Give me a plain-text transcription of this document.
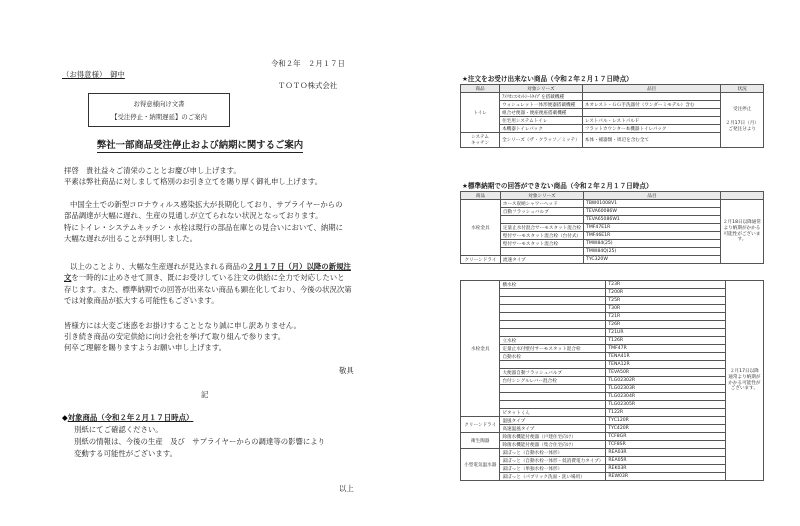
令和２年　２月１７日
（お得意様）　御中
ＴＯＴＯ株式会社
お得意様向け文書
【受注停止・納期遅延】のご案内
弊社一部商品受注停止および納期に関するご案内
拝啓　貴社益々ご清栄のこととお慶び申し上げます。
平素は弊社商品に対しまして格別のお引き立てを賜り厚く御礼申し上げます。
中国全土での新型コロナウィルス感染拡大が長期化しており、サプライヤーからの
部品調達が大幅に遅れ、生産の見通しが立てられない状況となっております。
特にトイレ・システムキッチン・水栓は現行の部品在庫との見合いにおいて、納期に
大幅な遅れが出ることが判明しました。
以上のことより、大幅な生産遅れが見込まれる商品の２月１７日（月）以降の新規注
文を一時的に止めさせて頂き、既にお受けしている注文の供給に全力で対応したいと
存じます。また、標準納期での回答が出来ない商品も顕在化しており、今後の状況次第
では対象商品が拡大する可能性もございます。
皆様方には大変ご迷惑をお掛けすることとなり誠に申し訳ありません。
引き続き商品の安定供給に向け会社を挙げて取り組んで参ります。
何卒ご理解を賜りますようお願い申し上げます。
敬具
記
◆対象商品（令和２年２月１７日時点）
別紙にてご確認ください。
別紙の情報は、今後の生産　及び　サプライヤーからの調達等の影響により
変動する可能性がございます。
以上
★注文をお受け出来ない商品（令和２年２月１７日時点）
商品	対象シリーズ	品目	状況
トイレ	ｱﾒﾘｶﾝｺﾝｾｯﾄｼｰﾄﾀｲﾌﾟを搭載機種		受注停止
２月17日（月）ご発注分より

	ウォシュレット一体形便器搭載機種	ネオレスト・ＧＧ手洗器付（ワンダーミモデル）含む	
	組合せ便器・便座便座搭載機種		
	住宅用システムトイレ	レストパル・レストパルＦ	
	本機器トイレパック	フラットカウンター本機器トイレパック	
システム
キッチン	全シリーズ（ザ・クラッソ／ミッテ）	本体・補器類・周辺を含む全て	
★標準納期での回答ができない商品（令和２年２月１７日時点）
商品	対象シリーズ	品目	
水栓金具	ホース収納シャワーヘッド	TBW01008V1	２月18日以降通常より納期がかかる可能性がございます。
	自動フラッシュバルブ	TEVA60086W	
		TEVA65086W1	
	定量止水付混合サーモスタット混合栓	TMF47E1R	
	壁付サーモスタット混合栓（台付式）	TMF46E1R	
	壁付サーモスタット混合栓	TMW84(25)	
		TMW84Q(25)	
クリーンドライ	流速タイプ	TYC320W	
水栓金具	横水栓	T23R	２月17日以降通常より納期がかかる可能性がございます。
		T200R	
		T25R	
		T30R	
		T21R	
		T26R	
		T21UR	
	立水栓	T126R	
	定量止水付壁付サーモスタット混合栓	TMF47R	
	自動水栓	TENA41R	
		TENA12R	
	大便器自動フラッシュバルブ	TEVA50R	
	台付シングルレバー混合栓	TLG02302R	
		TLG02303R	
		TLG02304R	
		TLG02305R	
	ビタットくん	T122R	
クリーンドライ	温風タイプ	TYC120R	
	高速温風タイプ	TYC420R	
衛生陶器	除菌水機能付便器（戸建住宅向け）	TCF8GR	
	除菌水機能付便器（集合住宅向け）	TCF8SR	
小型電気温水器	湯ぽっと（自動水栓一体形）	REA03R	
	湯ぽっと（自動水栓一体形・低消費電力タイプ）	REA05R	
	湯ぽっと（単独水栓一体形）	REK03R	
	湯ぽっと（パブリック洗面・洗い場用）	REW03R	
